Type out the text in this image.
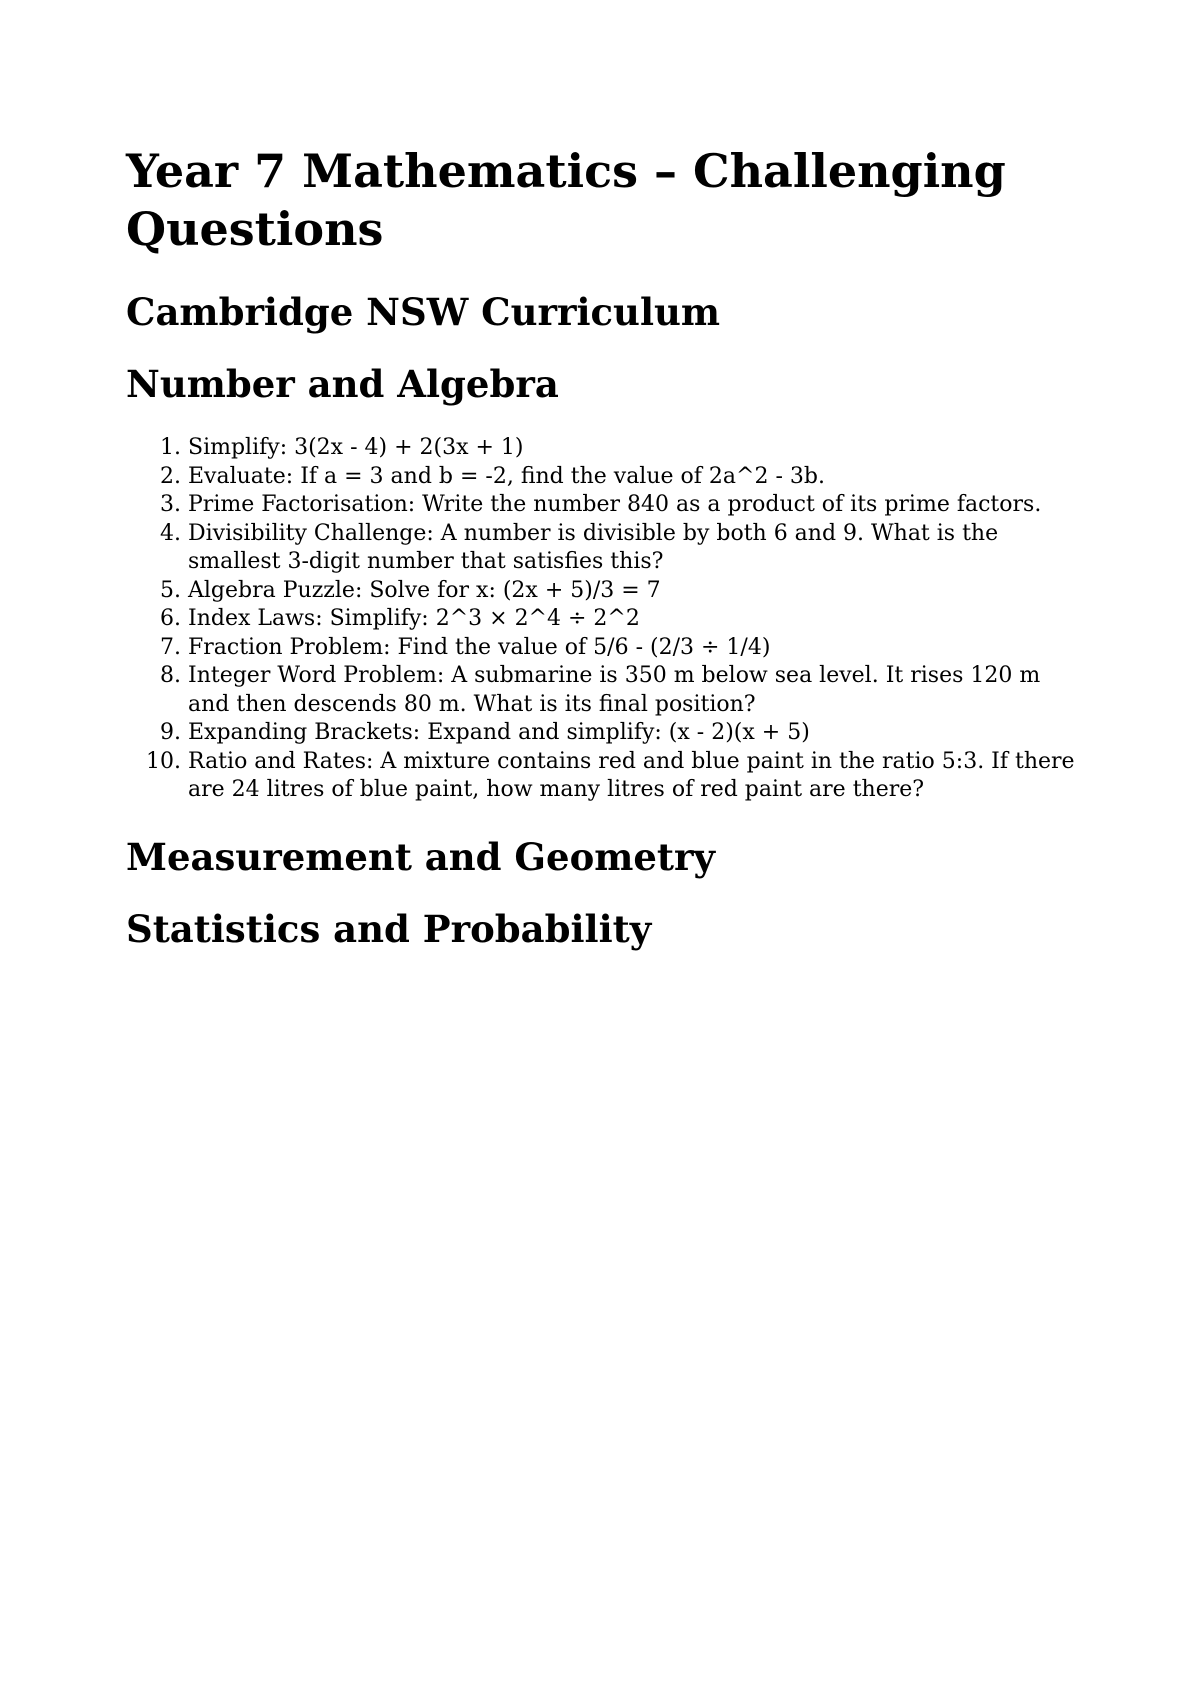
Year 7 Mathematics – Challenging Questions
Cambridge NSW Curriculum
Number and Algebra
1. Simplify: 3(2x - 4) + 2(3x + 1)
2. Evaluate: If a = 3 and b = -2, find the value of 2a^2 - 3b.
3. Prime Factorisation: Write the number 840 as a product of its prime factors.
4. Divisibility Challenge: A number is divisible by both 6 and 9. What is the smallest 3-digit number that satisfies this?
5. Algebra Puzzle: Solve for x: (2x + 5)/3 = 7
6. Index Laws: Simplify: 2^3 × 2^4 ÷ 2^2
7. Fraction Problem: Find the value of 5/6 - (2/3 ÷ 1/4)
8. Integer Word Problem: A submarine is 350 m below sea level. It rises 120 m and then descends 80 m. What is its final position?
9. Expanding Brackets: Expand and simplify: (x - 2)(x + 5)
10. Ratio and Rates: A mixture contains red and blue paint in the ratio 5:3. If there are 24 litres of blue paint, how many litres of red paint are there?
Measurement and Geometry
Statistics and Probability
